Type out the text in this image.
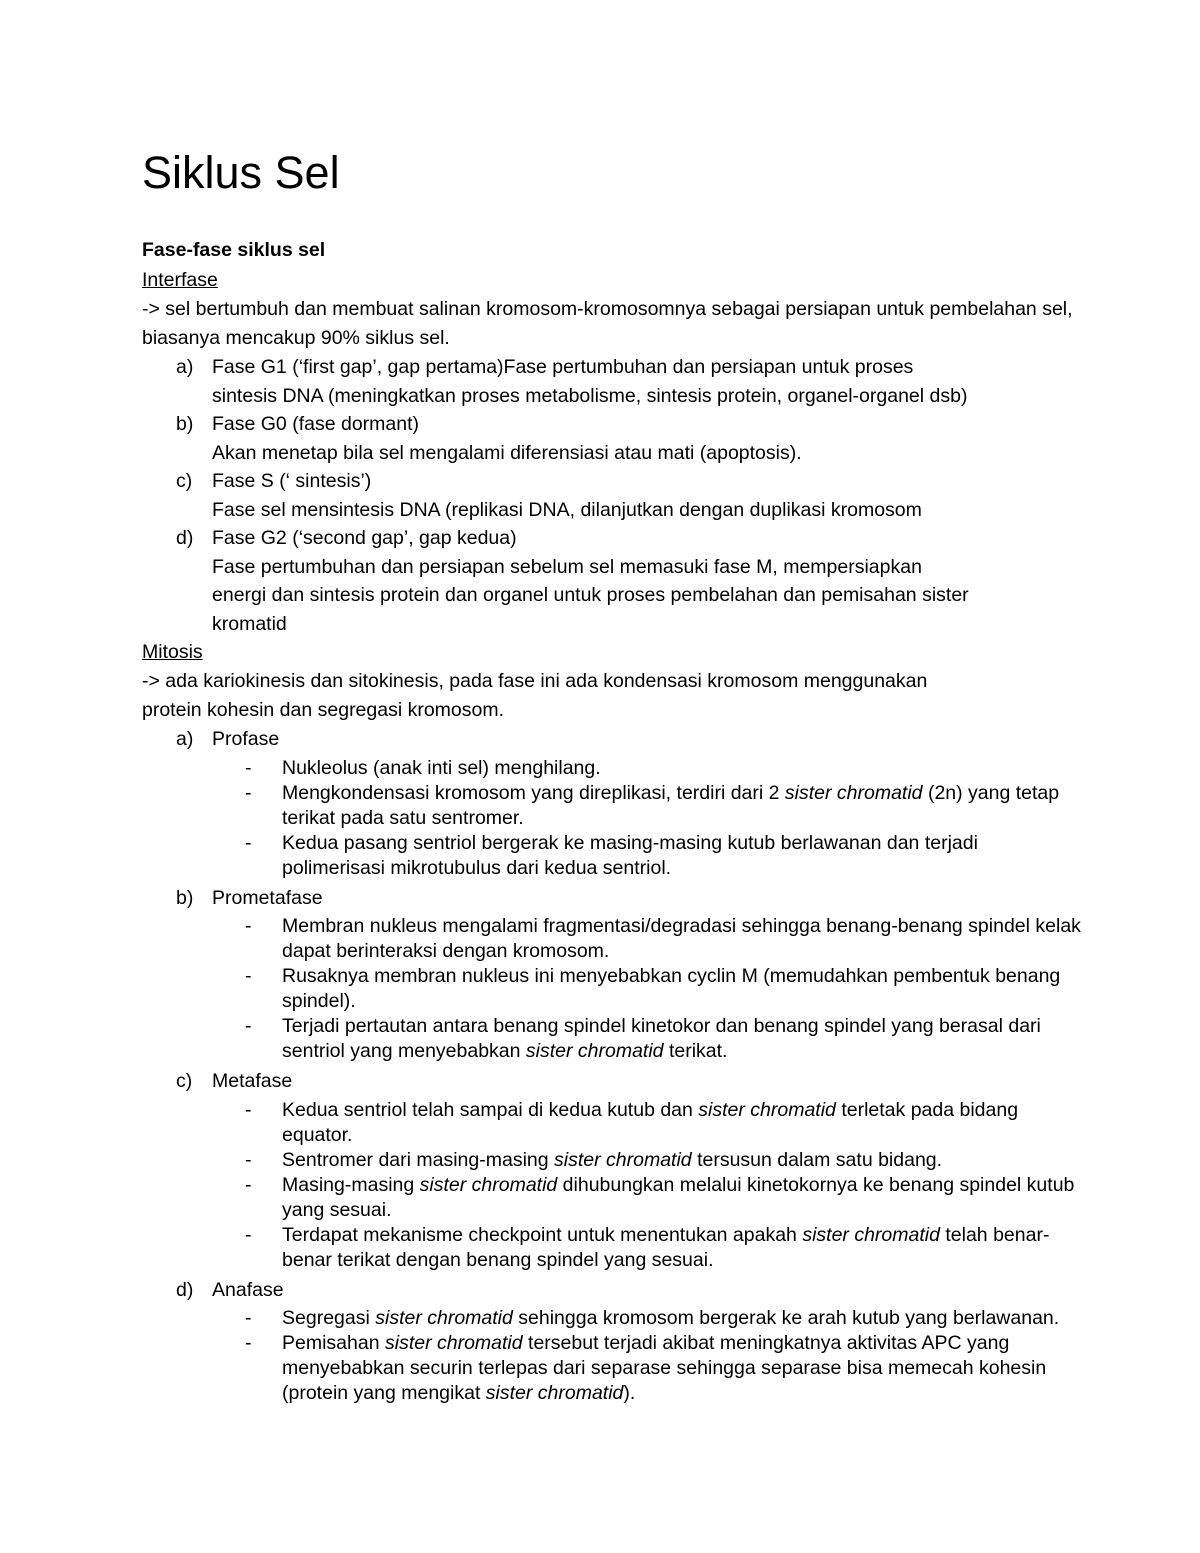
Siklus Sel
Fase-fase siklus sel
Interfase
-> sel bertumbuh dan membuat salinan kromosom-kromosomnya sebagai persiapan untuk pembelahan sel, biasanya mencakup 90% siklus sel.
a) Fase G1 (‘first gap’, gap pertama)Fase pertumbuhan dan persiapan untuk proses
sintesis DNA (meningkatkan proses metabolisme, sintesis protein, organel-organel dsb)
b) Fase G0 (fase dormant)
Akan menetap bila sel mengalami diferensiasi atau mati (apoptosis).
c)	Fase S (‘ sintesis’)
Fase sel mensintesis DNA (replikasi DNA, dilanjutkan dengan duplikasi kromosom
d) Fase G2 (‘second gap’, gap kedua)
Fase pertumbuhan dan persiapan sebelum sel memasuki fase M, mempersiapkan
energi dan sintesis protein dan organel untuk proses pembelahan dan pemisahan sister
kromatid
Mitosis
-> ada kariokinesis dan sitokinesis, pada fase ini ada kondensasi kromosom menggunakan
protein kohesin dan segregasi kromosom.
a) Profase
-	Nukleolus (anak inti sel) menghilang.
-	Mengkondensasi kromosom yang direplikasi, terdiri dari 2 sister chromatid (2n) yang tetap terikat pada satu sentromer.
-	Kedua pasang sentriol bergerak ke masing-masing kutub berlawanan dan terjadi polimerisasi mikrotubulus dari kedua sentriol.
b) Prometafase
-	Membran nukleus mengalami fragmentasi/degradasi sehingga benang-benang spindel kelak dapat berinteraksi dengan kromosom.
-	Rusaknya membran nukleus ini menyebabkan cyclin M (memudahkan pembentuk benang spindel).
-	Terjadi pertautan antara benang spindel kinetokor dan benang spindel yang berasal dari sentriol yang menyebabkan sister chromatid terikat.
c)	Metafase
-	Kedua sentriol telah sampai di kedua kutub dan sister chromatid terletak pada bidang equator.
-	Sentromer dari masing-masing sister chromatid tersusun dalam satu bidang.
-	Masing-masing sister chromatid dihubungkan melalui kinetokornya ke benang spindel kutub yang sesuai.
-	Terdapat mekanisme checkpoint untuk menentukan apakah sister chromatid telah benar-benar terikat dengan benang spindel yang sesuai.
d) Anafase
-	Segregasi sister chromatid sehingga kromosom bergerak ke arah kutub yang berlawanan.
-	Pemisahan sister chromatid tersebut terjadi akibat meningkatnya aktivitas APC yang menyebabkan securin terlepas dari separase sehingga separase bisa memecah kohesin (protein yang mengikat sister chromatid).
